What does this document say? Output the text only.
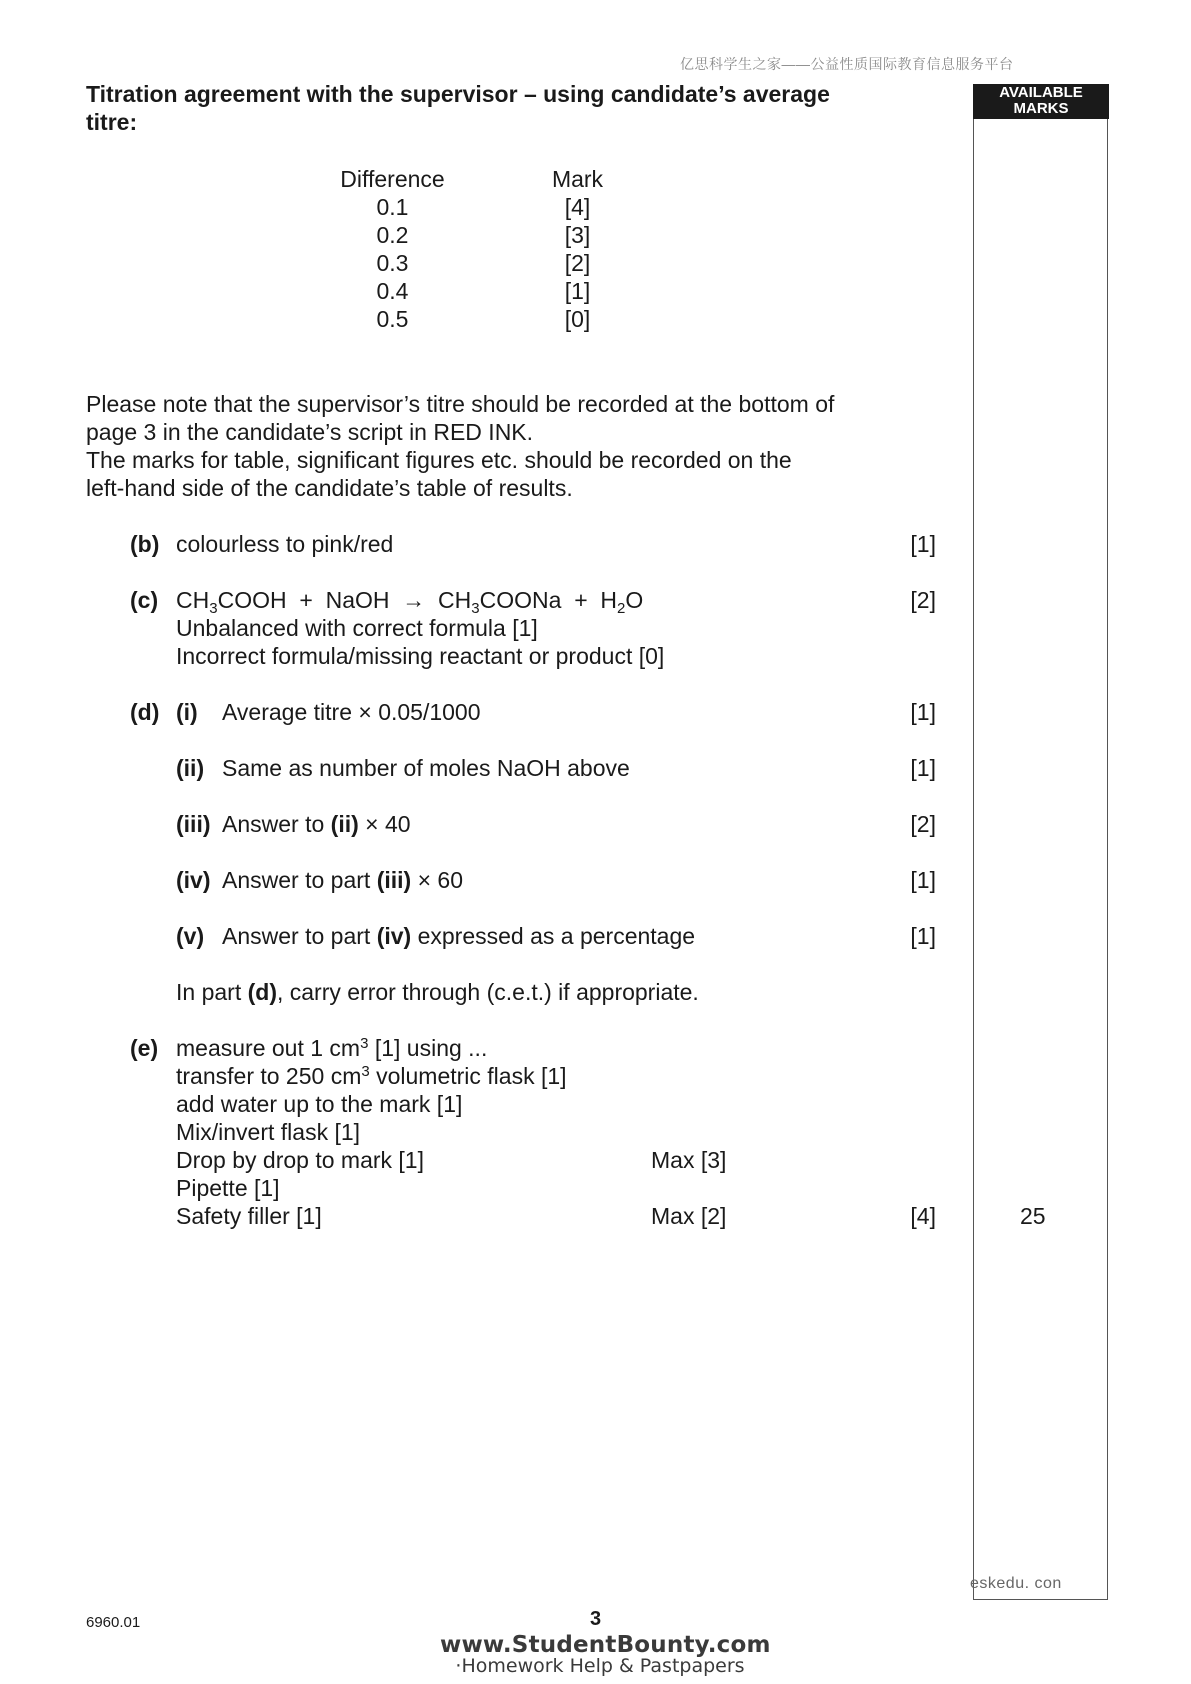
亿思科学生之家——公益性质国际教育信息服务平台
AVAILABLE
MARKS
Titration agreement with the supervisor – using candidate’s average
titre:
Difference	Mark
0.1	[4]
0.2	[3]
0.3	[2]
0.4	[1]
0.5	[0]

Please note that the supervisor’s titre should be recorded at the bottom of

page 3 in the candidate’s script in RED INK.

The marks for table, significant figures etc. should be recorded on the

left-hand side of the candidate’s table of results.

(b) colourless to pink/red	[1]
(c) $CH_3COOH$ + NaOH → $CH_3COONa + H_2O$	[2]
Unbalanced with correct formula [1]
Incorrect formula/missing reactant or product [0]
(d) (i) Average titre × 0.05/1000	[1]
(ii) Same as number of moles NaOH above	[1]
(iii) Answer to (ii) × 40	[2]
(iv) Answer to part (iii) × 60	[1]
(v) Answer to part (iv) expressed as a percentage	[1]
In part (d), carry error through (c.e.t.) if appropriate.
(e) measure out 1 $cm^3$ [1] using ...
transfer to 250 $cm^3$ volumetric flask [1]
add water up to the mark [1]
Mix/invert flask [1]
Drop by drop to mark [1]	Max [3]
Pipette [1]
Safety filler [1]	Max [2]	[4]	25
eskedu. con
6960.01	3
www.StudentBounty.com
·Homework Help & Pastpapers
